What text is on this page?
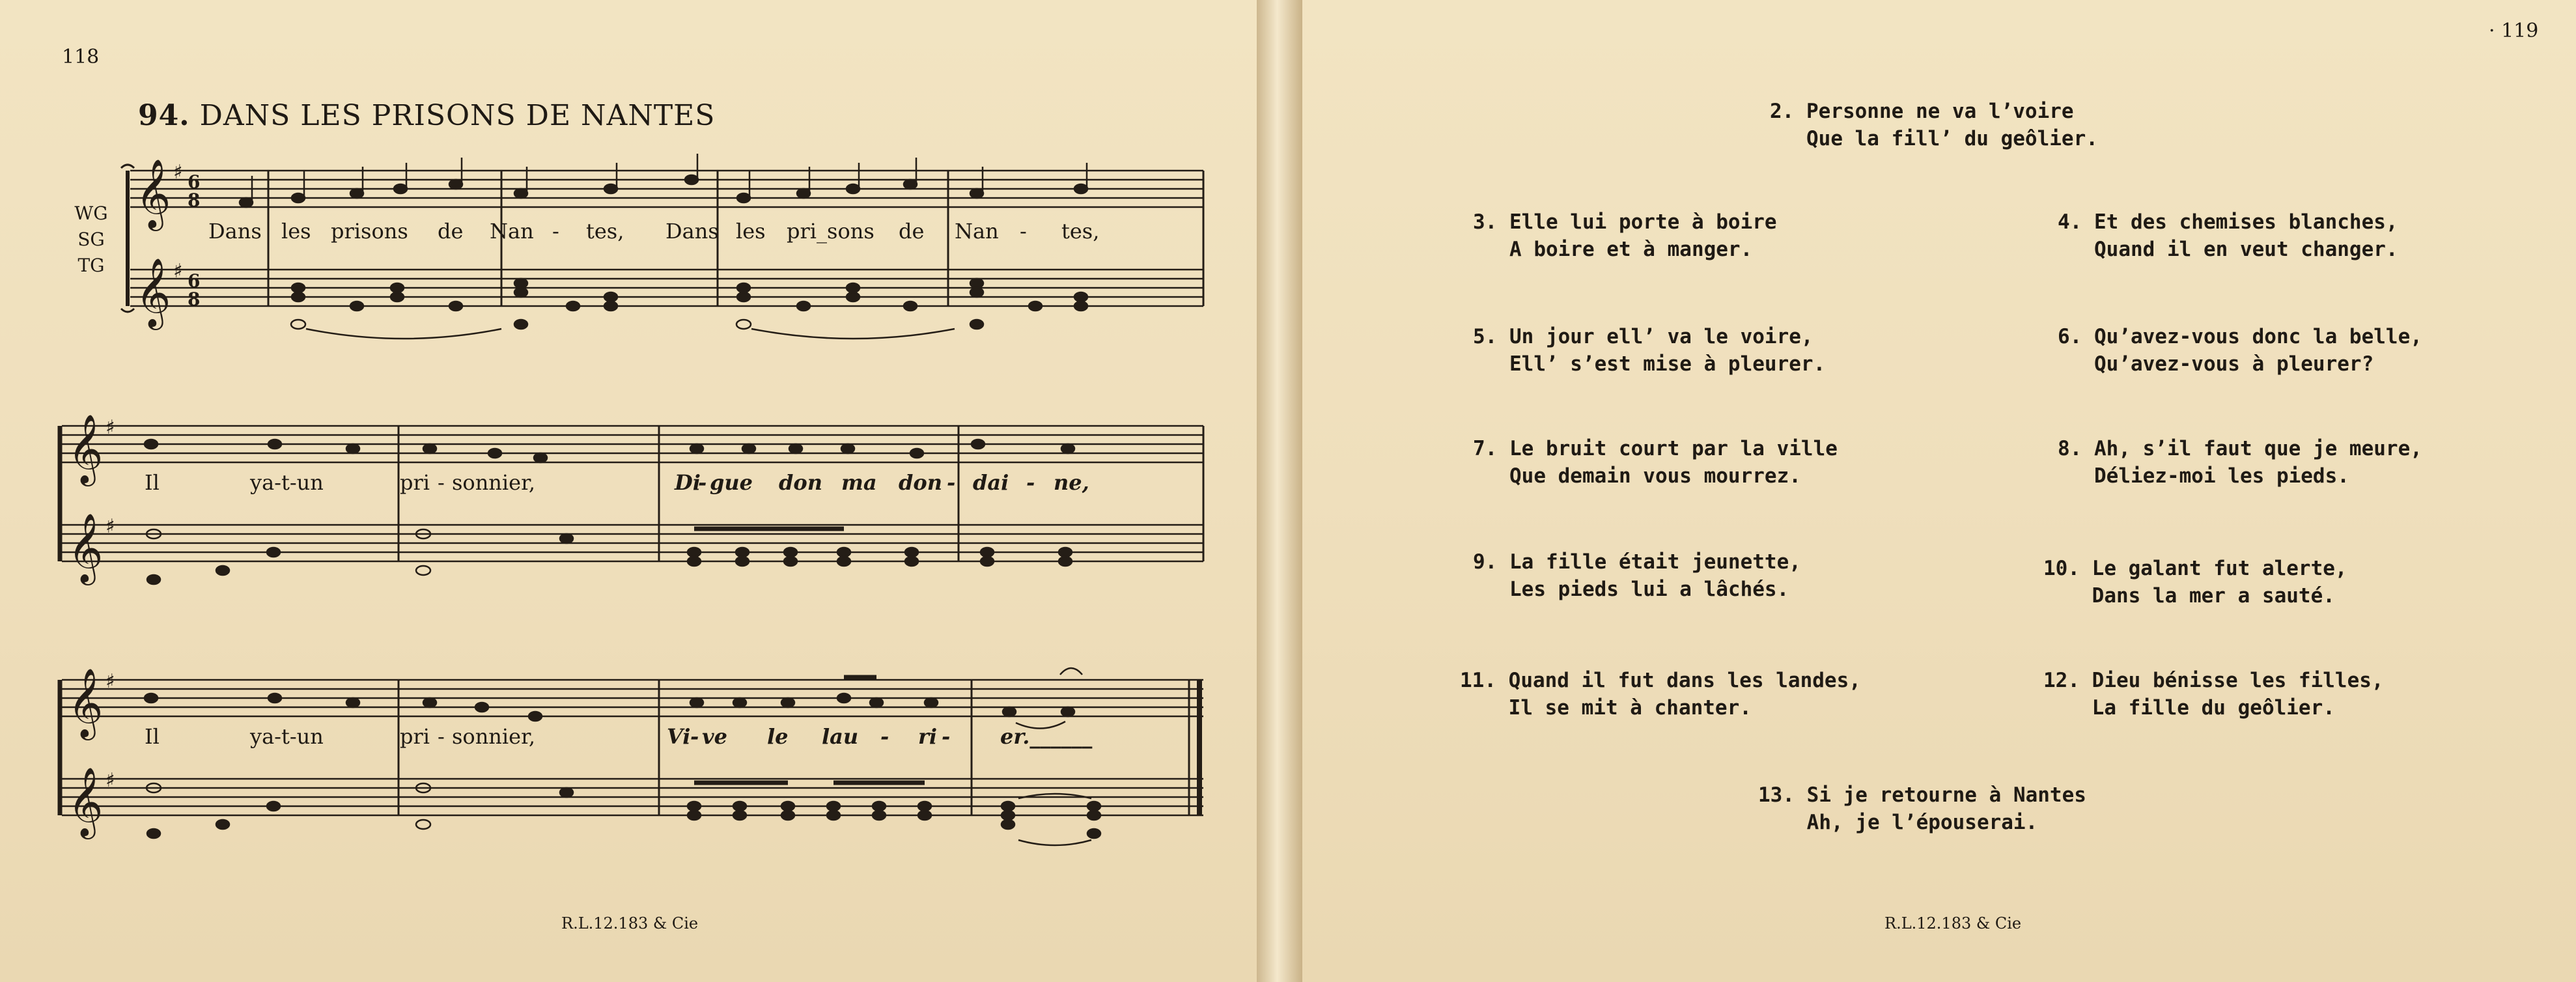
118
94. DANS LES PRISONS DE NANTES
WG
SG
TG
𝄞
𝄞
𝄞
𝄞
𝄞
𝄞
♯
♯
♯
♯
♯
♯
6
8
6
8
Dans les prisons de Nan - tes, Dans les pri_sons de Nan - tes,
Il	ya-t-un	pri - sonnier,	Di
- gue don ma don - dai - ne,
Il	ya-t-un	pri - sonnier,	Vi - ve le lau - ri - er.______
R.L.12.183 & Cie
· 119
2. Personne ne va l’voire
Que la fill’ du geôlier.
3. Elle lui porte à boire
A boire et à manger.
4. Et des chemises blanches,
Quand il en veut changer.
5. Un jour ell’ va le voire,
Ell’ s’est mise à pleurer.
6. Qu’avez-vous donc la belle,
Qu’avez-vous à pleurer?
7. Le bruit court par la ville
Que demain vous mourrez.
8. Ah, s’il faut que je meure,
Déliez-moi les pieds.
9. La fille était jeunette,
Les pieds lui a lâchés.
10. Le galant fut alerte,
Dans la mer a sauté.
11. Quand il fut dans les landes,
Il se mit à chanter.
12. Dieu bénisse les filles,
La fille du geôlier.
13. Si je retourne à Nantes
Ah, je l’épouserai.
R.L.12.183 & Cie
